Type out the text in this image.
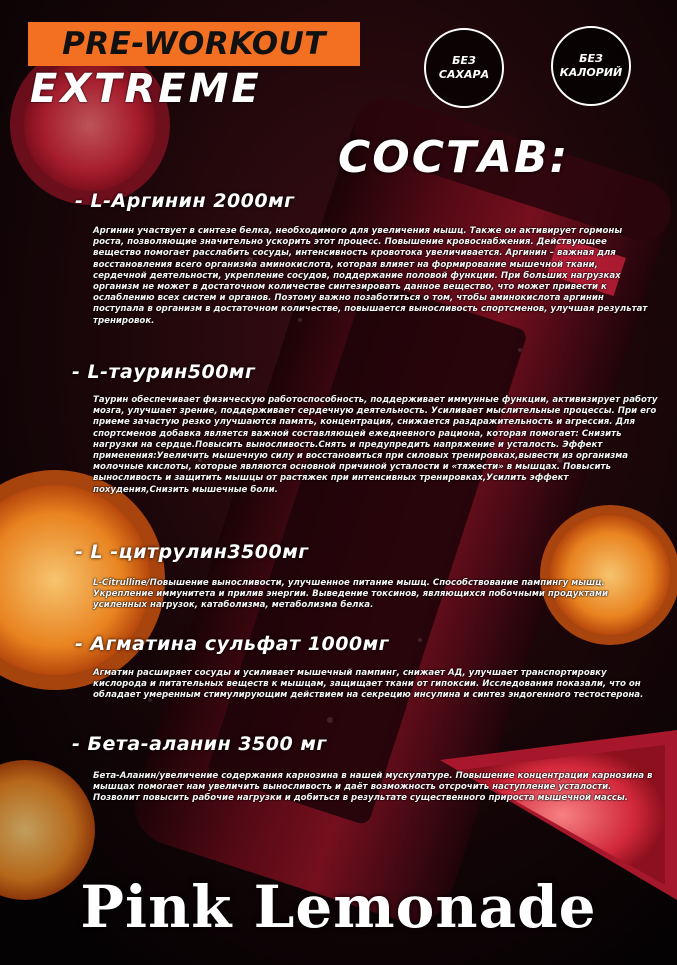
PRE-WORKOUT
EXTREME
БЕЗ
САХАРА
БЕЗ
КАЛОРИЙ
СОСТАВ:
- L-Аргинин 2000мг
Аргинин участвует в синтезе белка, необходимого для увеличения мышц. Также он активирует гормоны роста, позволяющие значительно ускорить этот процесс. Повышение кровоснабжения. Действующее вещество помогает расслабить сосуды, интенсивность кровотока увеличивается. Аргинин – важная для восстановления всего организма аминокислота, которая влияет на формирование мышечной ткани, сердечной деятельности, укрепление сосудов, поддержание половой функции. При больших нагрузках организм не может в достаточном количестве синтезировать данное вещество, что может привести к ослаблению всех систем и органов. Поэтому важно позаботиться о том, чтобы аминокислота аргинин поступала в организм в достаточном количестве, повышается выносливость спортсменов, улучшая результат тренировок.
- L-таурин500мг
Таурин обеспечивает физическую работоспособность, поддерживает иммунные функции, активизирует работу мозга, улучшает зрение, поддерживает сердечную деятельность. Усиливает мыслительные процессы. При его приеме зачастую резко улучшаются память, концентрация, снижается раздражительность и агрессия. Для спортсменов добавка является важной составляющей ежедневного рациона, которая помогает: Снизить нагрузки на сердце.Повысить выносливость.Снять и предупредить напряжение и усталость. Эффект применения:Увеличить мышечную силу и восстановиться при силовых тренировках,вывести из организма молочные кислоты, которые являются основной причиной усталости и «тяжести» в мышцах. Повысить выносливость и защитить мышцы от растяжек при интенсивных тренировках,Усилить эффект похудения,Снизить мышечные боли.
- L -цитрулин3500мг
L-Citrulline/Повышение выносливости, улучшенное питание мышц. Способствование пампингу мышц. Укрепление иммунитета и прилив энергии. Выведение токсинов, являющихся побочными продуктами усиленных нагрузок, катаболизма, метаболизма белка.
- Агматина сульфат 1000мг
Агматин расширяет сосуды и усиливает мышечный пампинг, снижает АД, улучшает транспортировку кислорода и питательных веществ к мышцам, защищает ткани от гипоксии. Исследования показали, что он обладает умеренным стимулирующим действием на секрецию инсулина и синтез эндогенного тестостерона.
- Бета-аланин 3500 мг
Бета-Аланин/увеличение содержания карнозина в нашей мускулатуре. Повышение концентрации карнозина в мышцах помогает нам увеличить выносливость и даёт возможность отсрочить наступление усталости. Позволит повысить рабочие нагрузки и добиться в результате существенного прироста мышечной массы.
Pink Lemonade
